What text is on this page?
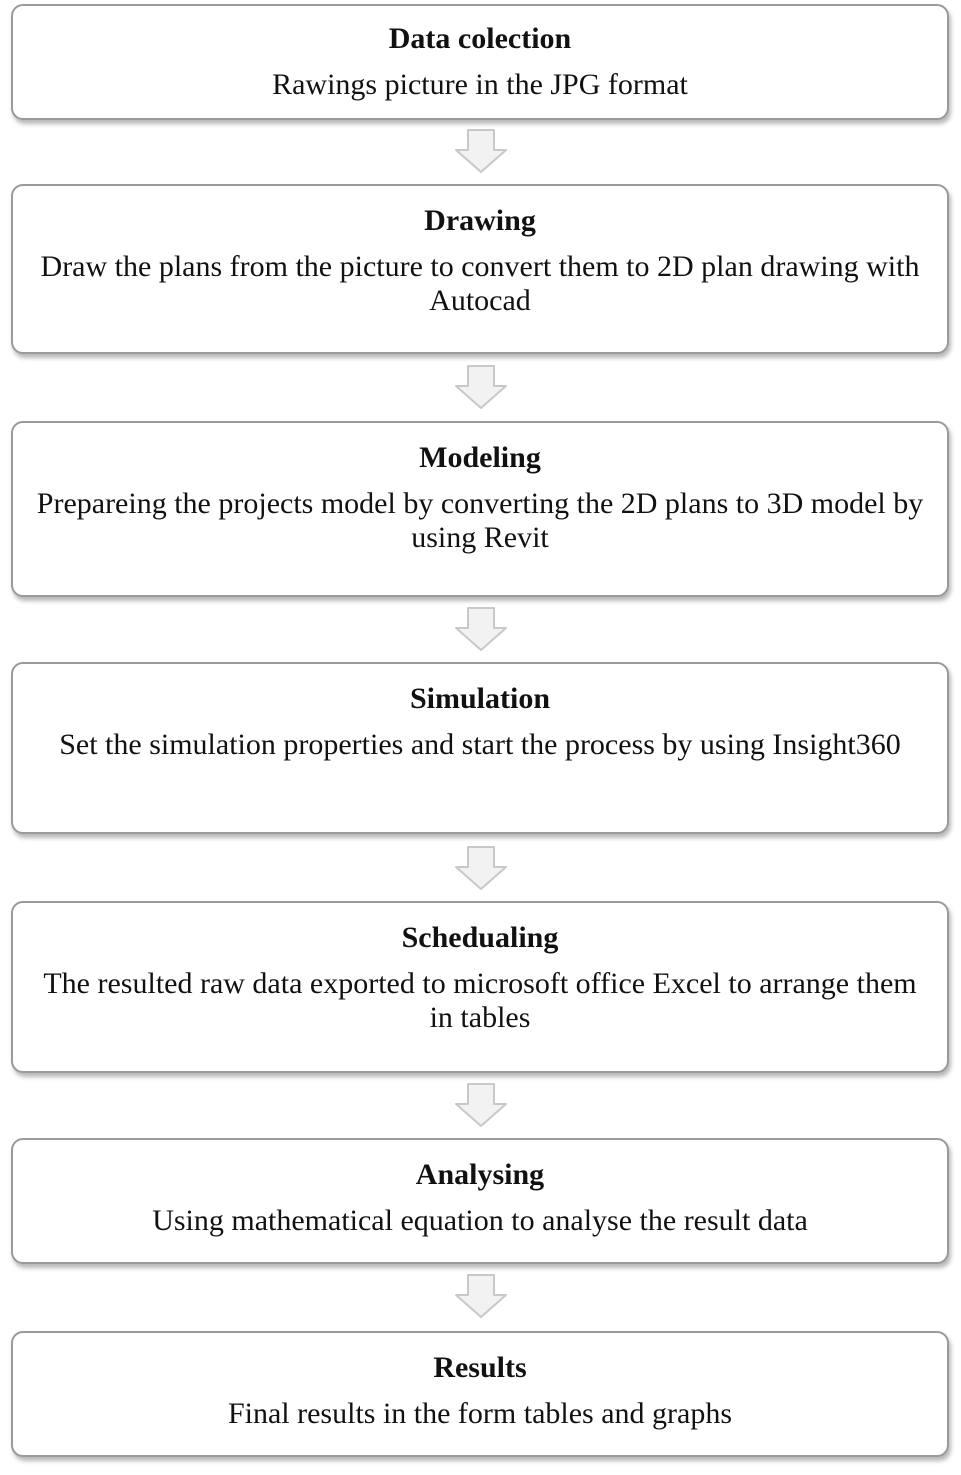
Data colection
Rawings picture in the JPG format
Drawing
Draw the plans from the picture to convert them to 2D plan drawing with Autocad
Modeling
Prepareing the projects model by converting the 2D plans to 3D model by using Revit
Simulation
Set the simulation properties and start the process by using Insight360
Schedualing
The resulted raw data exported to microsoft office Excel to arrange them in tables
Analysing
Using mathematical equation to analyse the result data
Results
Final results in the form tables and graphs
